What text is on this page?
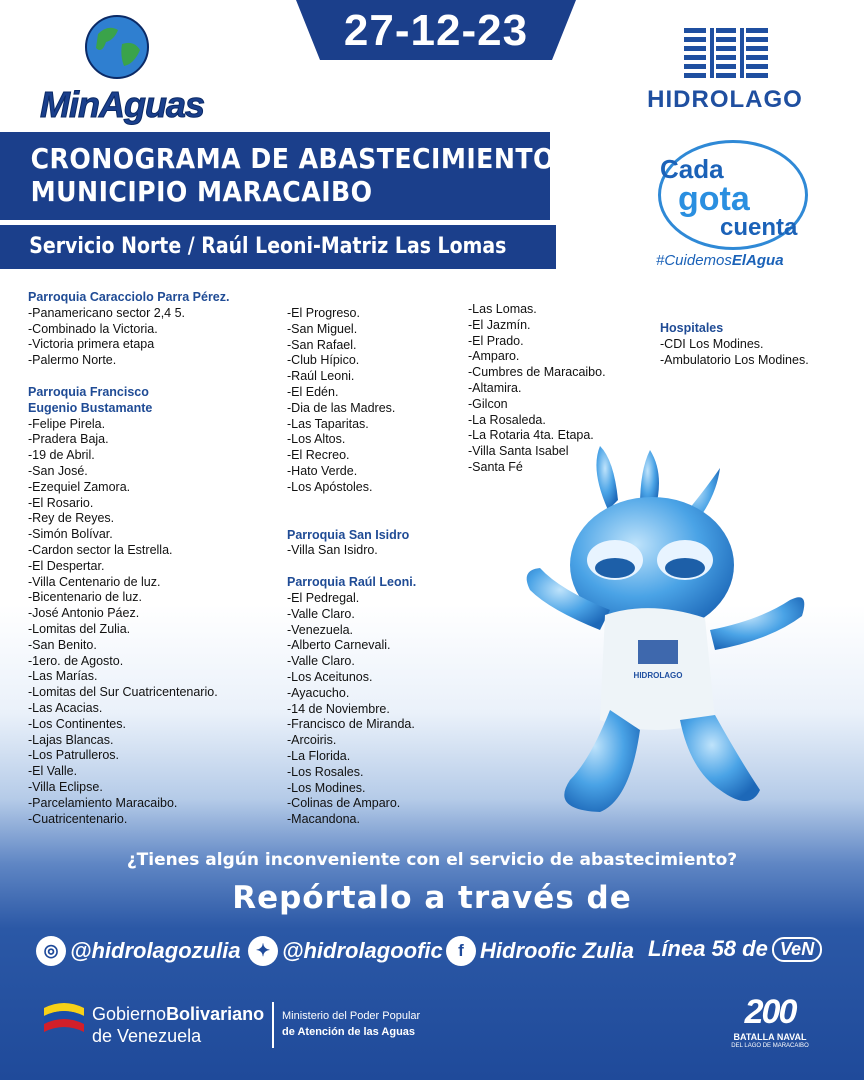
27-12-23
MinAguas	HIDROLAGO
CRONOGRAMA DE ABASTECIMIENTO
MUNICIPIO MARACAIBO
Servicio Norte / Raúl Leoni-Matriz Las Lomas
Cada
gota
cuenta
#CuidemosElAgua
Parroquia Caracciolo Parra Pérez.
-Panamericano sector 2,4 5.
-Combinado la Victoria.
-Victoria primera etapa
-Palermo Norte.
Parroquia Francisco
Eugenio Bustamante
-Felipe Pirela.
-Pradera Baja.
-19 de Abril.
-San José.
-Ezequiel Zamora.
-El Rosario.
-Rey de Reyes.
-Simón Bolívar.
-Cardon sector la Estrella.
-El Despertar.
-Villa Centenario de luz.
-Bicentenario de luz.
-José Antonio Páez.
-Lomitas del Zulia.
-San Benito.
-1ero. de Agosto.
-Las Marías.
-Lomitas del Sur Cuatricentenario.
-Las Acacias.
-Los Continentes.
-Lajas Blancas.
-Los Patrulleros.
-El Valle.
-Villa Eclipse.
-Parcelamiento Maracaibo.
-Cuatricentenario.
-El Progreso.
-San Miguel.
-San Rafael.
-Club Hípico.
-Raúl Leoni.
-El Edén.
-Dia de las Madres.
-Las Taparitas.
-Los Altos.
-El Recreo.
-Hato Verde.
-Los Apóstoles.
Parroquia San Isidro
-Villa San Isidro.
Parroquia Raúl Leoni.
-El Pedregal.
-Valle Claro.
-Venezuela.
-Alberto Carnevali.
-Valle Claro.
-Los Aceitunos.
-Ayacucho.
-14 de Noviembre.
-Francisco de Miranda.
-Arcoiris.
-La Florida.
-Los Rosales.
-Los Modines.
-Colinas de Amparo.
-Macandona.
-Las Lomas.
-El Jazmín.
-El Prado.
-Amparo.
-Cumbres de Maracaibo.
-Altamira.
-Gilcon
-La Rosaleda.
-La Rotaria 4ta. Etapa.
-Villa Santa Isabel
-Santa Fé
Hospitales
-CDI Los Modines.
-Ambulatorio Los Modines.
HIDROLAGO
¿Tienes algún inconveniente con el servicio de abastecimiento?
Repórtalo a través de
◎ @hidrolagozulia ✦ @hidrolagoofic f Hidroofic Zulia Línea 58 de VeN
GobiernoBolivariano
de Venezuela
Ministerio del Poder Popular
de Atención de las Aguas
200
BATALLA NAVAL
DEL LAGO DE MARACAIBO
